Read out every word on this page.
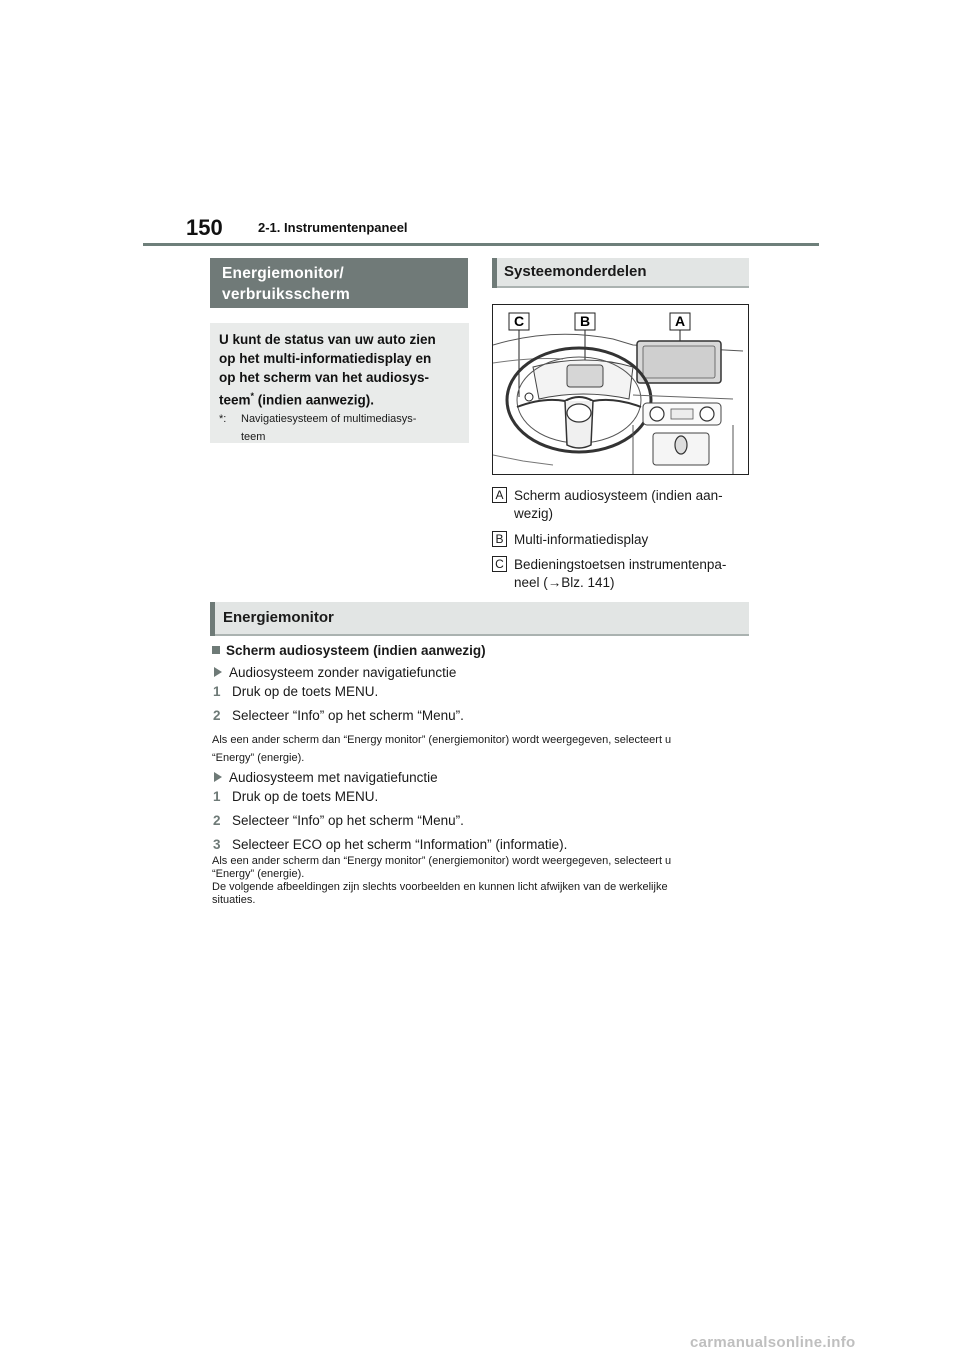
150	2-1. Instrumentenpaneel
Energiemonitor/
verbruiksscherm
U kunt de status van uw auto zien
op het multi-informatiedisplay en
op het scherm van het audiosys-
teem* (indien aanwezig).
*:	Navigatiesysteem of multimediasys-
teem
Systeemonderdelen
C	B	A
A Scherm audiosysteem (indien aan-
wezig)
B Multi-informatiedisplay
C Bedieningstoetsen instrumentenpa-
neel (→Blz. 141)
Energiemonitor
Scherm audiosysteem (indien aanwezig)
Audiosysteem zonder navigatiefunctie
1 Druk op de toets MENU.
2 Selecteer “Info” op het scherm “Menu”.
Als een ander scherm dan “Energy monitor” (energiemonitor) wordt weergegeven, selecteert u
“Energy” (energie).
Audiosysteem met navigatiefunctie
1 Druk op de toets MENU.
2 Selecteer “Info” op het scherm “Menu”.
3 Selecteer ECO op het scherm “Information” (informatie).
Als een ander scherm dan “Energy monitor” (energiemonitor) wordt weergegeven, selecteert u
“Energy” (energie).
De volgende afbeeldingen zijn slechts voorbeelden en kunnen licht afwijken van de werkelijke
situaties.
carmanualsonline.info
